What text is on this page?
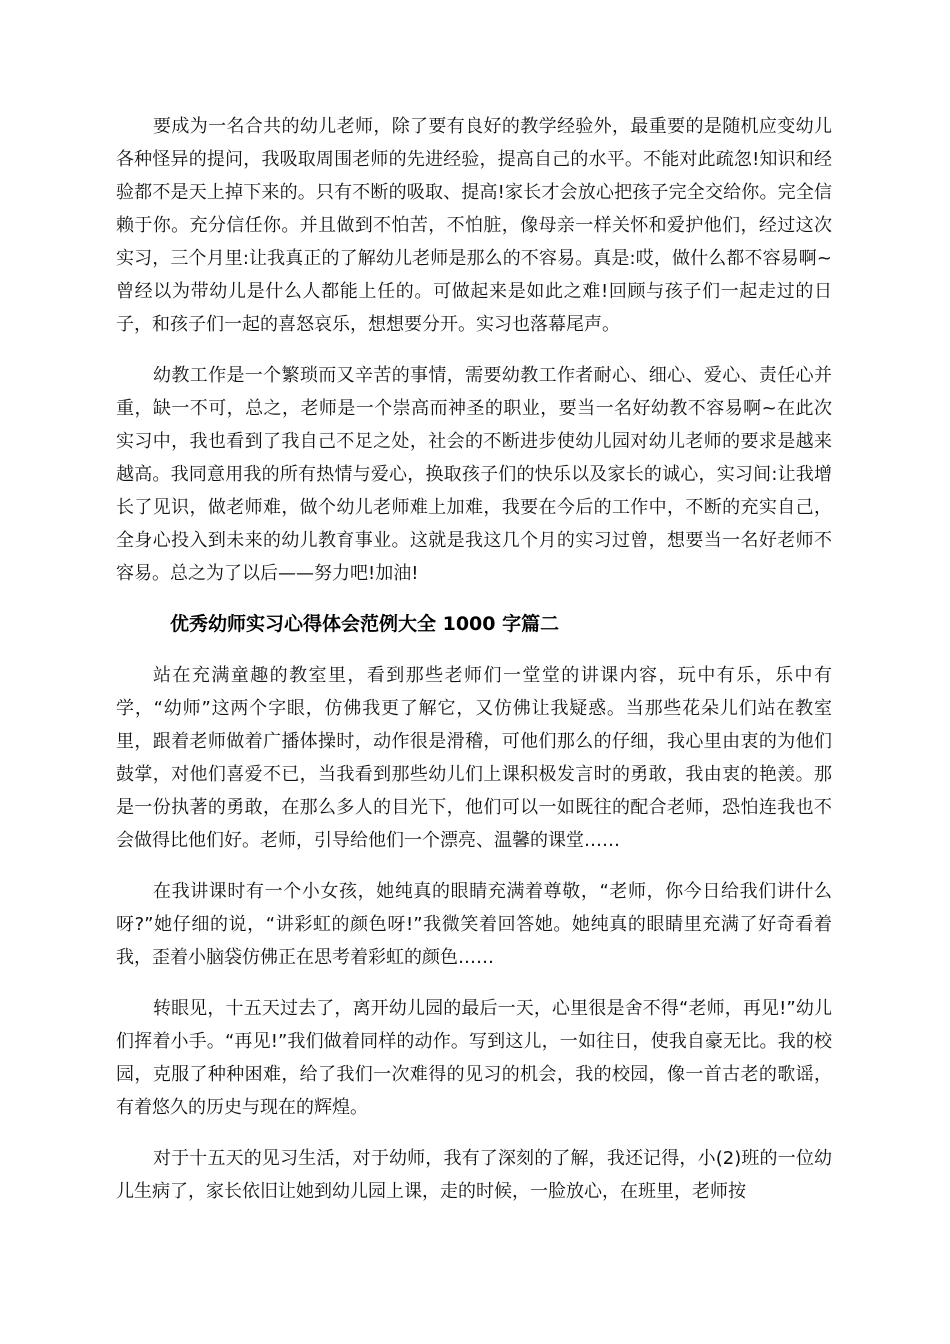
要成为一名合共的幼儿老师，除了要有良好的教学经验外，最重要的是随机应变幼儿各种怪异的提问，我吸取周围老师的先进经验，提高自己的水平。不能对此疏忽!知识和经验都不是天上掉下来的。只有不断的吸取、提高!家长才会放心把孩子完全交给你。完全信赖于你。充分信任你。并且做到不怕苦，不怕脏，像母亲一样关怀和爱护他们，经过这次实习，三个月里:让我真正的了解幼儿老师是那么的不容易。真是:哎，做什么都不容易啊~曾经以为带幼儿是什么人都能上任的。可做起来是如此之难!回顾与孩子们一起走过的日子，和孩子们一起的喜怒哀乐，想想要分开。实习也落幕尾声。

幼教工作是一个繁琐而又辛苦的事情，需要幼教工作者耐心、细心、爱心、责任心并重，缺一不可，总之，老师是一个崇高而神圣的职业，要当一名好幼教不容易啊~在此次实习中，我也看到了我自己不足之处，社会的不断进步使幼儿园对幼儿老师的要求是越来越高。我同意用我的所有热情与爱心，换取孩子们的快乐以及家长的诚心，实习间:让我增长了见识，做老师难，做个幼儿老师难上加难，我要在今后的工作中，不断的充实自己，全身心投入到未来的幼儿教育事业。这就是我这几个月的实习过曾，想要当一名好老师不容易。总之为了以后——努力吧!加油!

优秀幼师实习心得体会范例大全 1000 字篇二

站在充满童趣的教室里，看到那些老师们一堂堂的讲课内容，玩中有乐，乐中有学，“幼师”这两个字眼，仿佛我更了解它，又仿佛让我疑惑。当那些花朵儿们站在教室里，跟着老师做着广播体操时，动作很是滑稽，可他们那么的仔细，我心里由衷的为他们鼓掌，对他们喜爱不已，当我看到那些幼儿们上课积极发言时的勇敢，我由衷的艳羡。那是一份执著的勇敢，在那么多人的目光下，他们可以一如既往的配合老师，恐怕连我也不会做得比他们好。老师，引导给他们一个漂亮、温馨的课堂……

在我讲课时有一个小女孩，她纯真的眼睛充满着尊敬，“老师，你今日给我们讲什么呀?”她仔细的说，“讲彩虹的颜色呀!”我微笑着回答她。她纯真的眼睛里充满了好奇看着我，歪着小脑袋仿佛正在思考着彩虹的颜色……

转眼见，十五天过去了，离开幼儿园的最后一天，心里很是舍不得“老师，再见!”幼儿们挥着小手。“再见!”我们做着同样的动作。写到这儿，一如往日，使我自豪无比。我的校园，克服了种种困难，给了我们一次难得的见习的机会，我的校园，像一首古老的歌谣，有着悠久的历史与现在的辉煌。

对于十五天的见习生活，对于幼师，我有了深刻的了解，我还记得，小(2)班的一位幼儿生病了，家长依旧让她到幼儿园上课，走的时候，一脸放心，在班里，老师按
